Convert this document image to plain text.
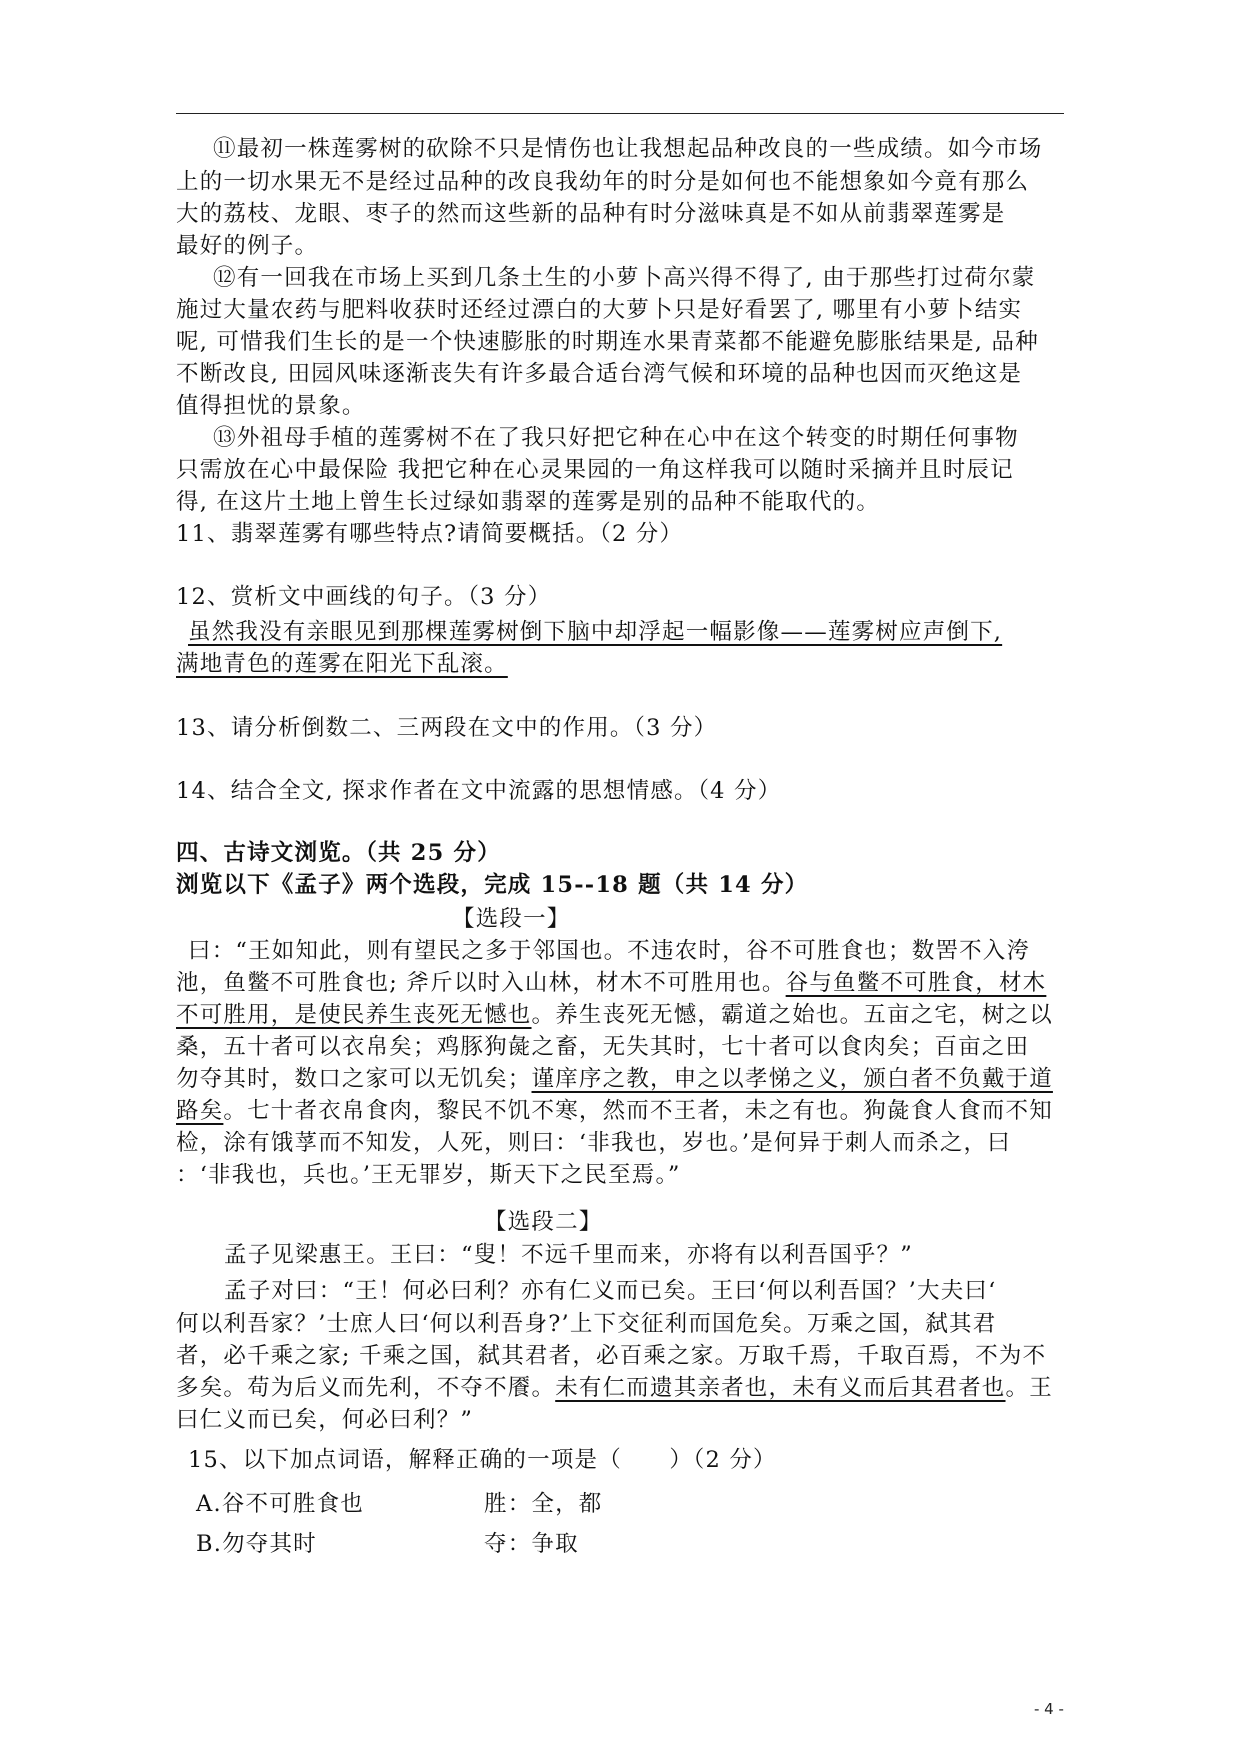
⑪最初一株莲雾树的砍除不只是情伤也让我想起品种改良的一些成绩。如今市场
上的一切水果无不是经过品种的改良我幼年的时分是如何也不能想象如今竟有那么
大的荔枝、龙眼、枣子的然而这些新的品种有时分滋味真是不如从前翡翠莲雾是
最好的例子。
⑫有一回我在市场上买到几条土生的小萝卜高兴得不得了, 由于那些打过荷尔蒙
施过大量农药与肥料收获时还经过漂白的大萝卜只是好看罢了, 哪里有小萝卜结实
呢, 可惜我们生长的是一个快速膨胀的时期连水果青菜都不能避免膨胀结果是, 品种
不断改良, 田园风味逐渐丧失有许多最合适台湾气候和环境的品种也因而灭绝这是
值得担忧的景象。
⑬外祖母手植的莲雾树不在了我只好把它种在心中在这个转变的时期任何事物
只需放在心中最保险 我把它种在心灵果园的一角这样我可以随时采摘并且时辰记
得, 在这片土地上曾生长过绿如翡翠的莲雾是别的品种不能取代的。
11、翡翠莲雾有哪些特点?请简要概括。（2 分）
12、赏析文中画线的句子。（3 分）
虽然我没有亲眼见到那棵莲雾树倒下脑中却浮起一幅影像——莲雾树应声倒下,
满地青色的莲雾在阳光下乱滚。
13、请分析倒数二、三两段在文中的作用。（3 分）
14、结合全文, 探求作者在文中流露的思想情感。（4 分）
四、古诗文浏览。（共 25 分）
浏览以下《孟子》两个选段，完成 15--18 题（共 14 分）
【选段一】
曰：“王如知此，则有望民之多于邻国也。不违农时，谷不可胜食也；数罟不入洿
池，鱼鳖不可胜食也; 斧斤以时入山林，材木不可胜用也。谷与鱼鳖不可胜食，材木
不可胜用，是使民养生丧死无憾也。养生丧死无憾，霸道之始也。五亩之宅，树之以
桑，五十者可以衣帛矣；鸡豚狗彘之畜，无失其时，七十者可以食肉矣；百亩之田
勿夺其时，数口之家可以无饥矣；谨庠序之教，申之以孝悌之义，颁白者不负戴于道
路矣。七十者衣帛食肉，黎民不饥不寒，然而不王者，未之有也。狗彘食人食而不知
检，涂有饿莩而不知发，人死，则曰：‘非我也，岁也。’是何异于刺人而杀之，曰
：‘非我也，兵也。’王无罪岁，斯天下之民至焉。”
【选段二】
孟子见梁惠王。王曰：“叟！不远千里而来，亦将有以利吾国乎？”
孟子对曰：“王！何必曰利？亦有仁义而已矣。王曰‘何以利吾国？’大夫曰‘
何以利吾家？’士庶人曰‘何以利吾身?’上下交征利而国危矣。万乘之国，弑其君
者，必千乘之家; 千乘之国，弑其君者，必百乘之家。万取千焉，千取百焉，不为不
多矣。苟为后义而先利，不夺不餍。未有仁而遗其亲者也，未有义而后其君者也。王
曰仁义而已矣，何必曰利？”
15、以下加点词语，解释正确的一项是（　　）（2 分）
A.谷不可胜食也	胜：全，都
B.勿夺其时	夺：争取
- 4 -
